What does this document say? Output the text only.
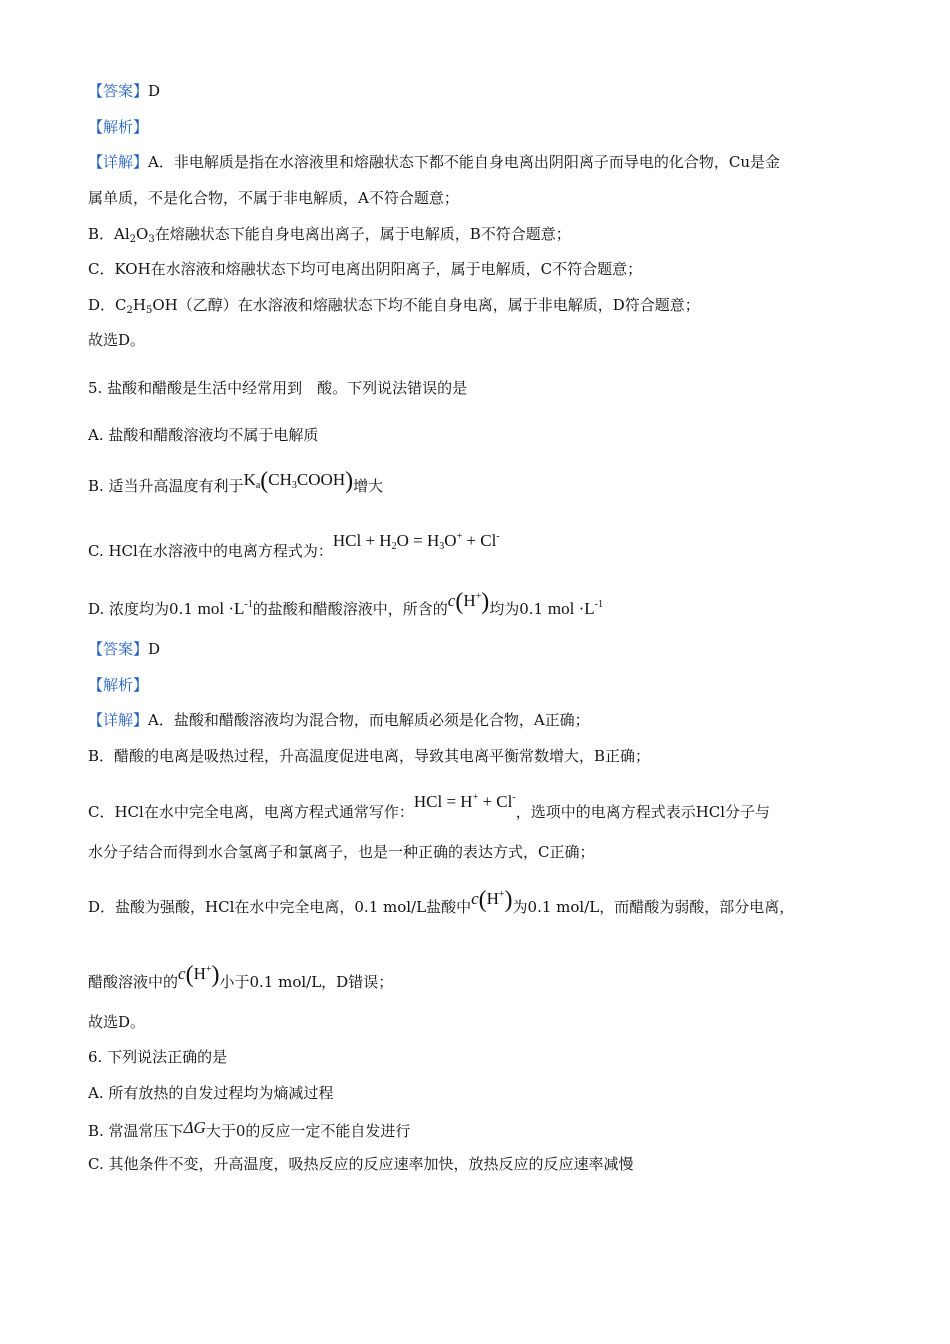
【答案】D
【解析】
【详解】A．非电解质是指在水溶液里和熔融状态下都不能自身电离出阴阳离子而导电的化合物，Cu是金
属单质，不是化合物，不属于非电解质，A不符合题意；
B．$Al_2O_3$在熔融状态下能自身电离出离子，属于电解质，B不符合题意；
C．KOH在水溶液和熔融状态下均可电离出阴阳离子，属于电解质，C不符合题意；
D．$C_2H_5OH$（乙醇）在水溶液和熔融状态下均不能自身电离，属于非电解质，D符合题意；
故选D。
5. 盐酸和醋酸是生活中经常用到　酸。下列说法错误的是
A. 盐酸和醋酸溶液均不属于电解质
B. 适当升高温度有利于$K_a(CH_3COOH)$增大
C. HCl在水溶液中的电离方程式为：HCl + $H_2O = H_3O^+ + Cl^-$
D. 浓度均为0.1 mol $\cdot L^{-1}$的盐酸和醋酸溶液中，所含的c(H+)均为0.1 mol $\cdot L^{-1}$
【答案】D
【解析】
【详解】A．盐酸和醋酸溶液均为混合物，而电解质必须是化合物，A正确；
B．醋酸的电离是吸热过程，升高温度促进电离，导致其电离平衡常数增大，B正确；
C．HCl在水中完全电离，电离方程式通常写作：HCl = H+ + Cl-，选项中的电离方程式表示HCl分子与
水分子结合而得到水合氢离子和氯离子，也是一种正确的表达方式，C正确；
D．盐酸为强酸，HCl在水中完全电离，0.1 mol/L盐酸中c(H+)为0.1 mol/L，而醋酸为弱酸，部分电离，
醋酸溶液中的c(H+)小于0.1 mol/L，D错误；
故选D。
6. 下列说法正确的是
A. 所有放热的自发过程均为熵减过程
B. 常温常压下ΔG大于0的反应一定不能自发进行
C. 其他条件不变，升高温度，吸热反应的反应速率加快，放热反应的反应速率减慢
